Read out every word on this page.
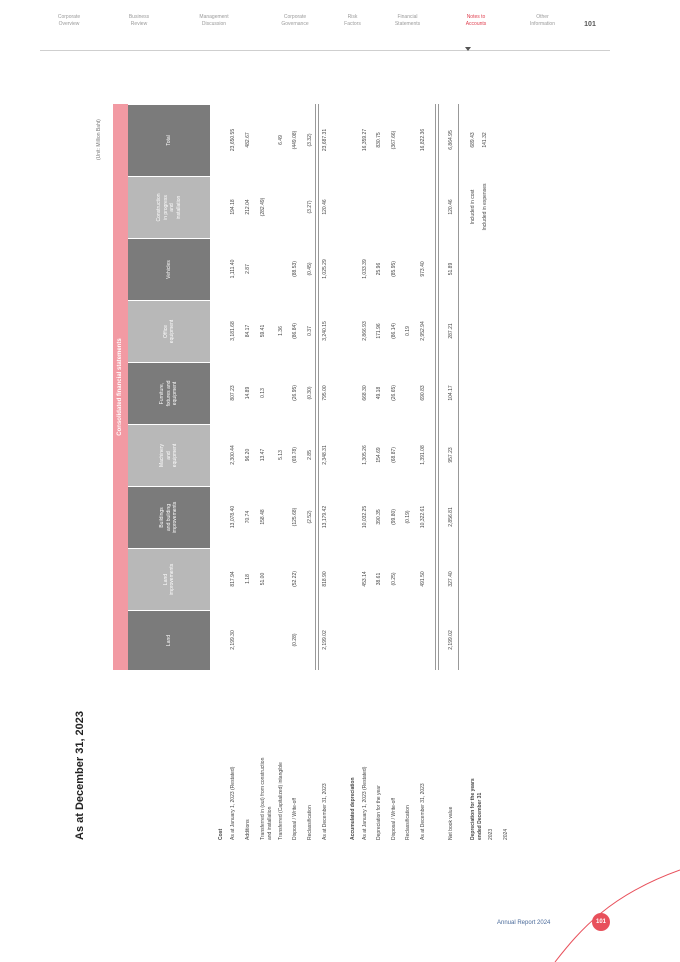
Corporate
Overview
Business
Review
Management
Discussion
Corporate
Governance
Risk
Factors
Financial
Statements
Notes to
Accounts
Other
Information	101
As at December 31, 2023
(Unit: Million Baht)
Consolidated financial statements
Land
Land
improvements
Buildings
and building
improvements
Machinery
and
equipment
Furniture,
fixtures and
equipment
Office
equipment
Vehicles
Construction
in progress
and
installation
Total
Cost As at January 1, 2023 (Restated)
2,199.30
817.94
13,078.40
2,300.44
807.23
3,181.68
1,111.40
194.18
23,650.55
Additions
1.18
70.74
96.20
14.89
84.17
2.87
212.04
482.67
Transferred in (out) from construction
and installation
51.00
158.48
13.47
0.13
59.41
(282.49)
Transferred (Capitalized) intangible
5.13
1.36
6.49
Disposal / Write-off
(0.28)
(52.22)
(125.68)
(69.78)
(26.95)
(86.84)
(88.53)
(449.08)
Reclassification
(2.52)
2.85
(0.30)
0.37
(0.45)
(3.27)
(3.32)
As at December 31, 2023
2,199.02
818.90
13,179.42
2,348.31
795.00
3,240.15
1,025.29
120.46
23,687.31
Accumulated depreciation As at January 1, 2023 (Restated)
453.14
10,032.25
1,305.26
668.30
2,866.93
1,033.39
16,359.27
Depreciation for the year
38.61
390.35
154.69
49.18
171.96
25.96
830.75
Disposal / Write-off
(0.25)
(99.80)
(68.87)
(26.65)
(86.14)
(85.95)
(367.66)
Reclassification
(0.19)
0.19
As at December 31, 2023
491.50
10,322.61
1,391.08
690.83
2,952.94
973.40
16,822.36
Net book value
2,199.02
327.40
2,856.81
957.23
104.17
287.21
51.89
120.46
6,864.95
Depreciation for the years
ended December 31
2023 2024
Included in cost
689.43
Included in expenses
141.32
Annual Report 2024	101
